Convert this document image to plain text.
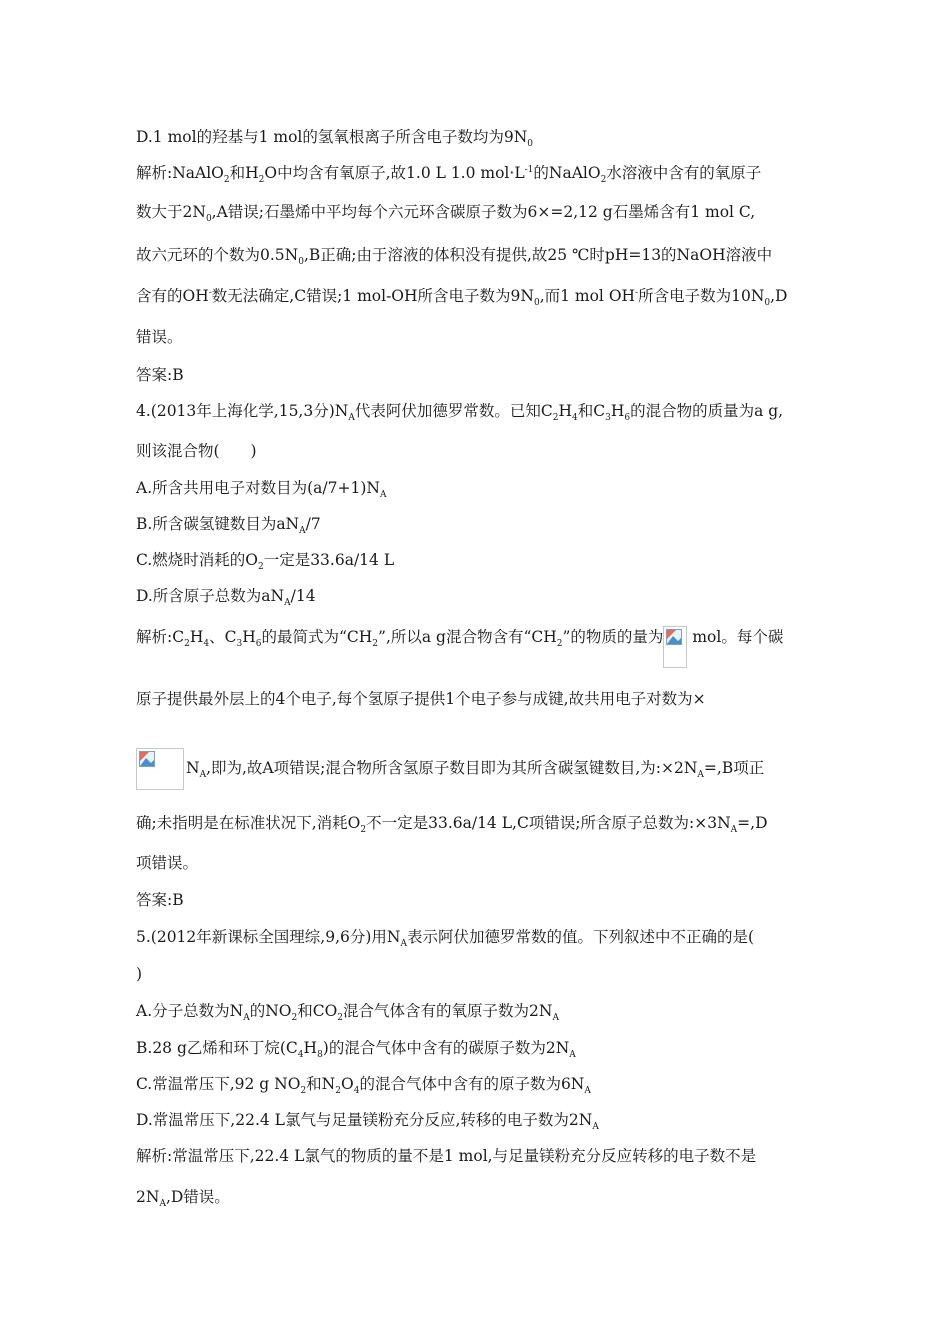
D.1 mol的羟基与1 mol的氢氧根离子所含电子数均为$9N_0$
解析:NaAlO$_2$和$H_2O$中均含有氧原子,故1.0 L 1.0 $mol\cdot L^{-1}$的NaAlO$_2$水溶液中含有的氧原子
数大于$2N_0,A$错误;石墨烯中平均每个六元环含碳原子数为6×=2,12 g石墨烯含有1 mol C,
故六元环的个数为$0.5N_0,B$正确;由于溶液的体积没有提供,故25 ℃时pH=13的NaOH溶液中
含有的OH-数无法确定,C错误;1 mol-OH所含电子数为$9N_0$,而1 mol OH-所含电子数为$10N_0,D$
错误。
答案:B
4.(2013年上海化学,15,3分)$N_A$代表阿伏加德罗常数。已知$C_2H_4$和$C_3H_6$的混合物的质量为a g,
则该混合物(　　)
A.所含共用电子对数目为$(a/7+1)N_A$
B.所含碳氢键数目为$aN_A/7$
C.燃烧时消耗的$O_2$一定是33.6a/14 L
D.所含原子总数为$aN_A/14$
解析$:C_2H_4$、$C_3H_6$的最简式为“$CH_2$”,所以a g混合物含有“$CH_2$”的物质的量为
mol。每个碳
原子提供最外层上的4个电子,每个氢原子提供1个电子参与成键,故共用电子对数为×
$N_A$,即为,故A项错误;混合物所含氢原子数目即为其所含碳氢键数目,为$:\times 2N_A=,B$项正
确;未指明是在标准状况下,消耗$O_2$不一定是33.6a/14 L,C项错误;所含原子总数为$:\times 3N_A=,D$
项错误。
答案:B
5.(2012年新课标全国理综,9,6分)用$N_A$表示阿伏加德罗常数的值。下列叙述中不正确的是(
)
A.分子总数为$N_A$的$NO_2$和$CO_2$混合气体含有的氧原子数为$2N_A$
B.28 g乙烯和环丁烷$(C_4H_8)$的混合气体中含有的碳原子数为$2N_A$
C.常温常压下,92 g $NO_2$和$N_2O_4$的混合气体中含有的原子数为$6N_A$
D.常温常压下,22.4 L氯气与足量镁粉充分反应,转移的电子数为$2N_A$
解析:常温常压下,22.4 L氯气的物质的量不是1 mol,与足量镁粉充分反应转移的电子数不是
$2N_A,D$错误。
